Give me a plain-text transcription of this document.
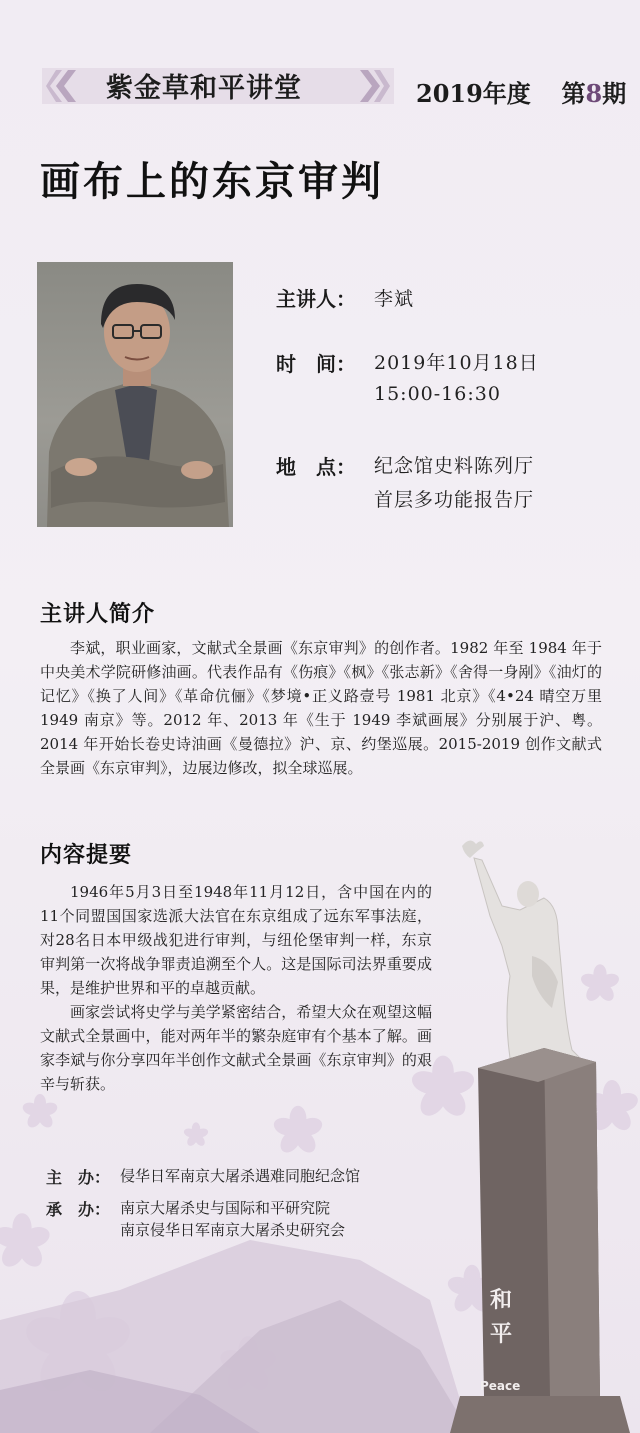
紫金草和平讲堂	2019年度 第8期
画布上的东京审判
主讲人： 李斌
时　间： 2019年10月18日
15:00-16:30
地　点： 纪念馆史料陈列厅
首层多功能报告厅
主讲人简介

李斌，职业画家，文献式全景画《东京审判》的创作者。1982 年至 1984 年于中央美术学院研修油画。代表作品有《伤痕》《枫》《张志新》《舍得一身剐》《油灯的记忆》《换了人间》《革命伉俪》《梦境•正义路壹号 1981 北京》《4•24 晴空万里 1949 南京》等。2012 年、2013 年《生于 1949 李斌画展》分别展于沪、粤。2014 年开始长卷史诗油画《曼德拉》沪、京、约堡巡展。2015-2019 创作文献式全景画《东京审判》，边展边修改，拟全球巡展。

内容提要

1946年5月3日至1948年11月12日，含中国在内的11个同盟国国家选派大法官在东京组成了远东军事法庭，对28名日本甲级战犯进行审判，与纽伦堡审判一样，东京审判第一次将战争罪责追溯至个人。这是国际司法界重要成果，是维护世界和平的卓越贡献。

画家尝试将史学与美学紧密结合，希望大众在观望这幅文献式全景画中，能对两年半的繁杂庭审有个基本了解。画家李斌与你分享四年半创作文献式全景画《东京审判》的艰辛与斩获。

主　办： 侵华日军南京大屠杀遇难同胞纪念馆
承　办： 南京大屠杀史与国际和平研究院
南京侵华日军南京大屠杀史研究会
和平
Peace
